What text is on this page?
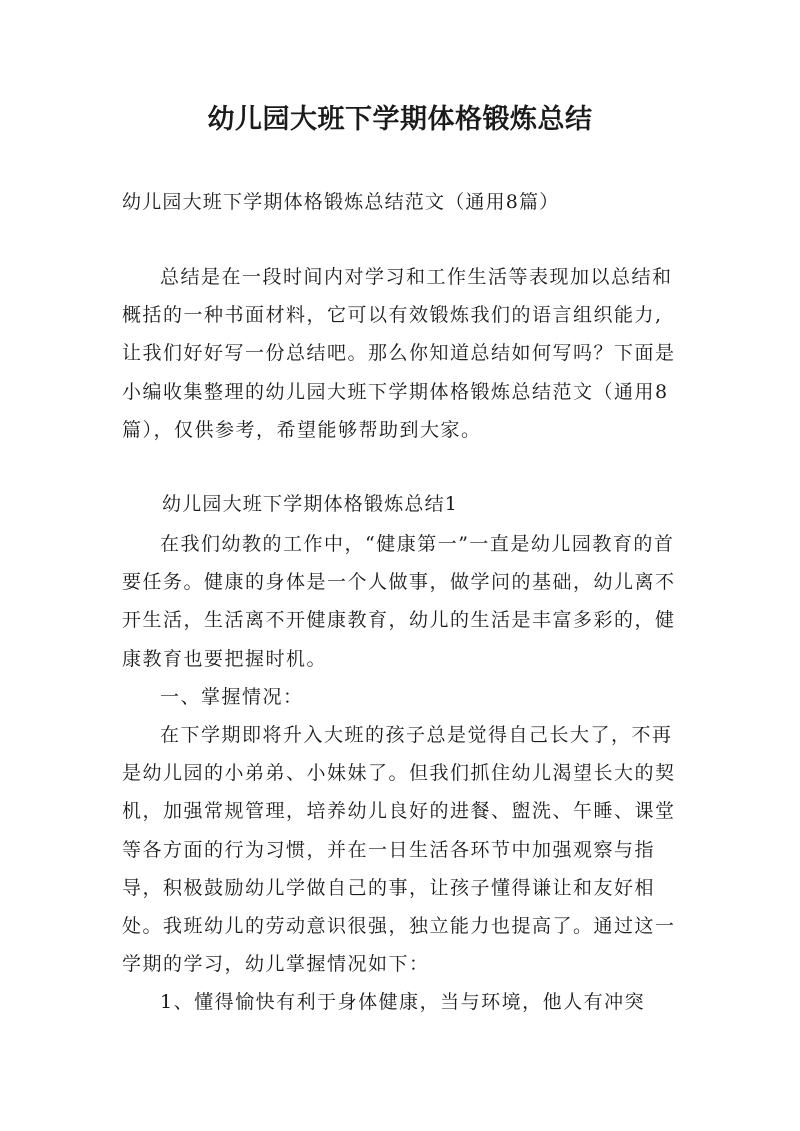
幼儿园大班下学期体格锻炼总结
幼儿园大班下学期体格锻炼总结范文（通用8篇）

总结是在一段时间内对学习和工作生活等表现加以总结和概括的一种书面材料，它可以有效锻炼我们的语言组织能力,让我们好好写一份总结吧。那么你知道总结如何写吗？下面是小编收集整理的幼儿园大班下学期体格锻炼总结范文（通用8篇），仅供参考，希望能够帮助到大家。

幼儿园大班下学期体格锻炼总结1

在我们幼教的工作中，“健康第一”一直是幼儿园教育的首要任务。健康的身体是一个人做事，做学问的基础，幼儿离不开生活，生活离不开健康教育，幼儿的生活是丰富多彩的，健康教育也要把握时机。

一、掌握情况：

在下学期即将升入大班的孩子总是觉得自己长大了，不再是幼儿园的小弟弟、小妹妹了。但我们抓住幼儿渴望长大的契机，加强常规管理，培养幼儿良好的进餐、盥洗、午睡、课堂等各方面的行为习惯，并在一日生活各环节中加强观察与指导，积极鼓励幼儿学做自己的事，让孩子懂得谦让和友好相处。我班幼儿的劳动意识很强，独立能力也提高了。通过这一学期的学习，幼儿掌握情况如下：

1、懂得愉快有利于身体健康，当与环境，他人有冲突
